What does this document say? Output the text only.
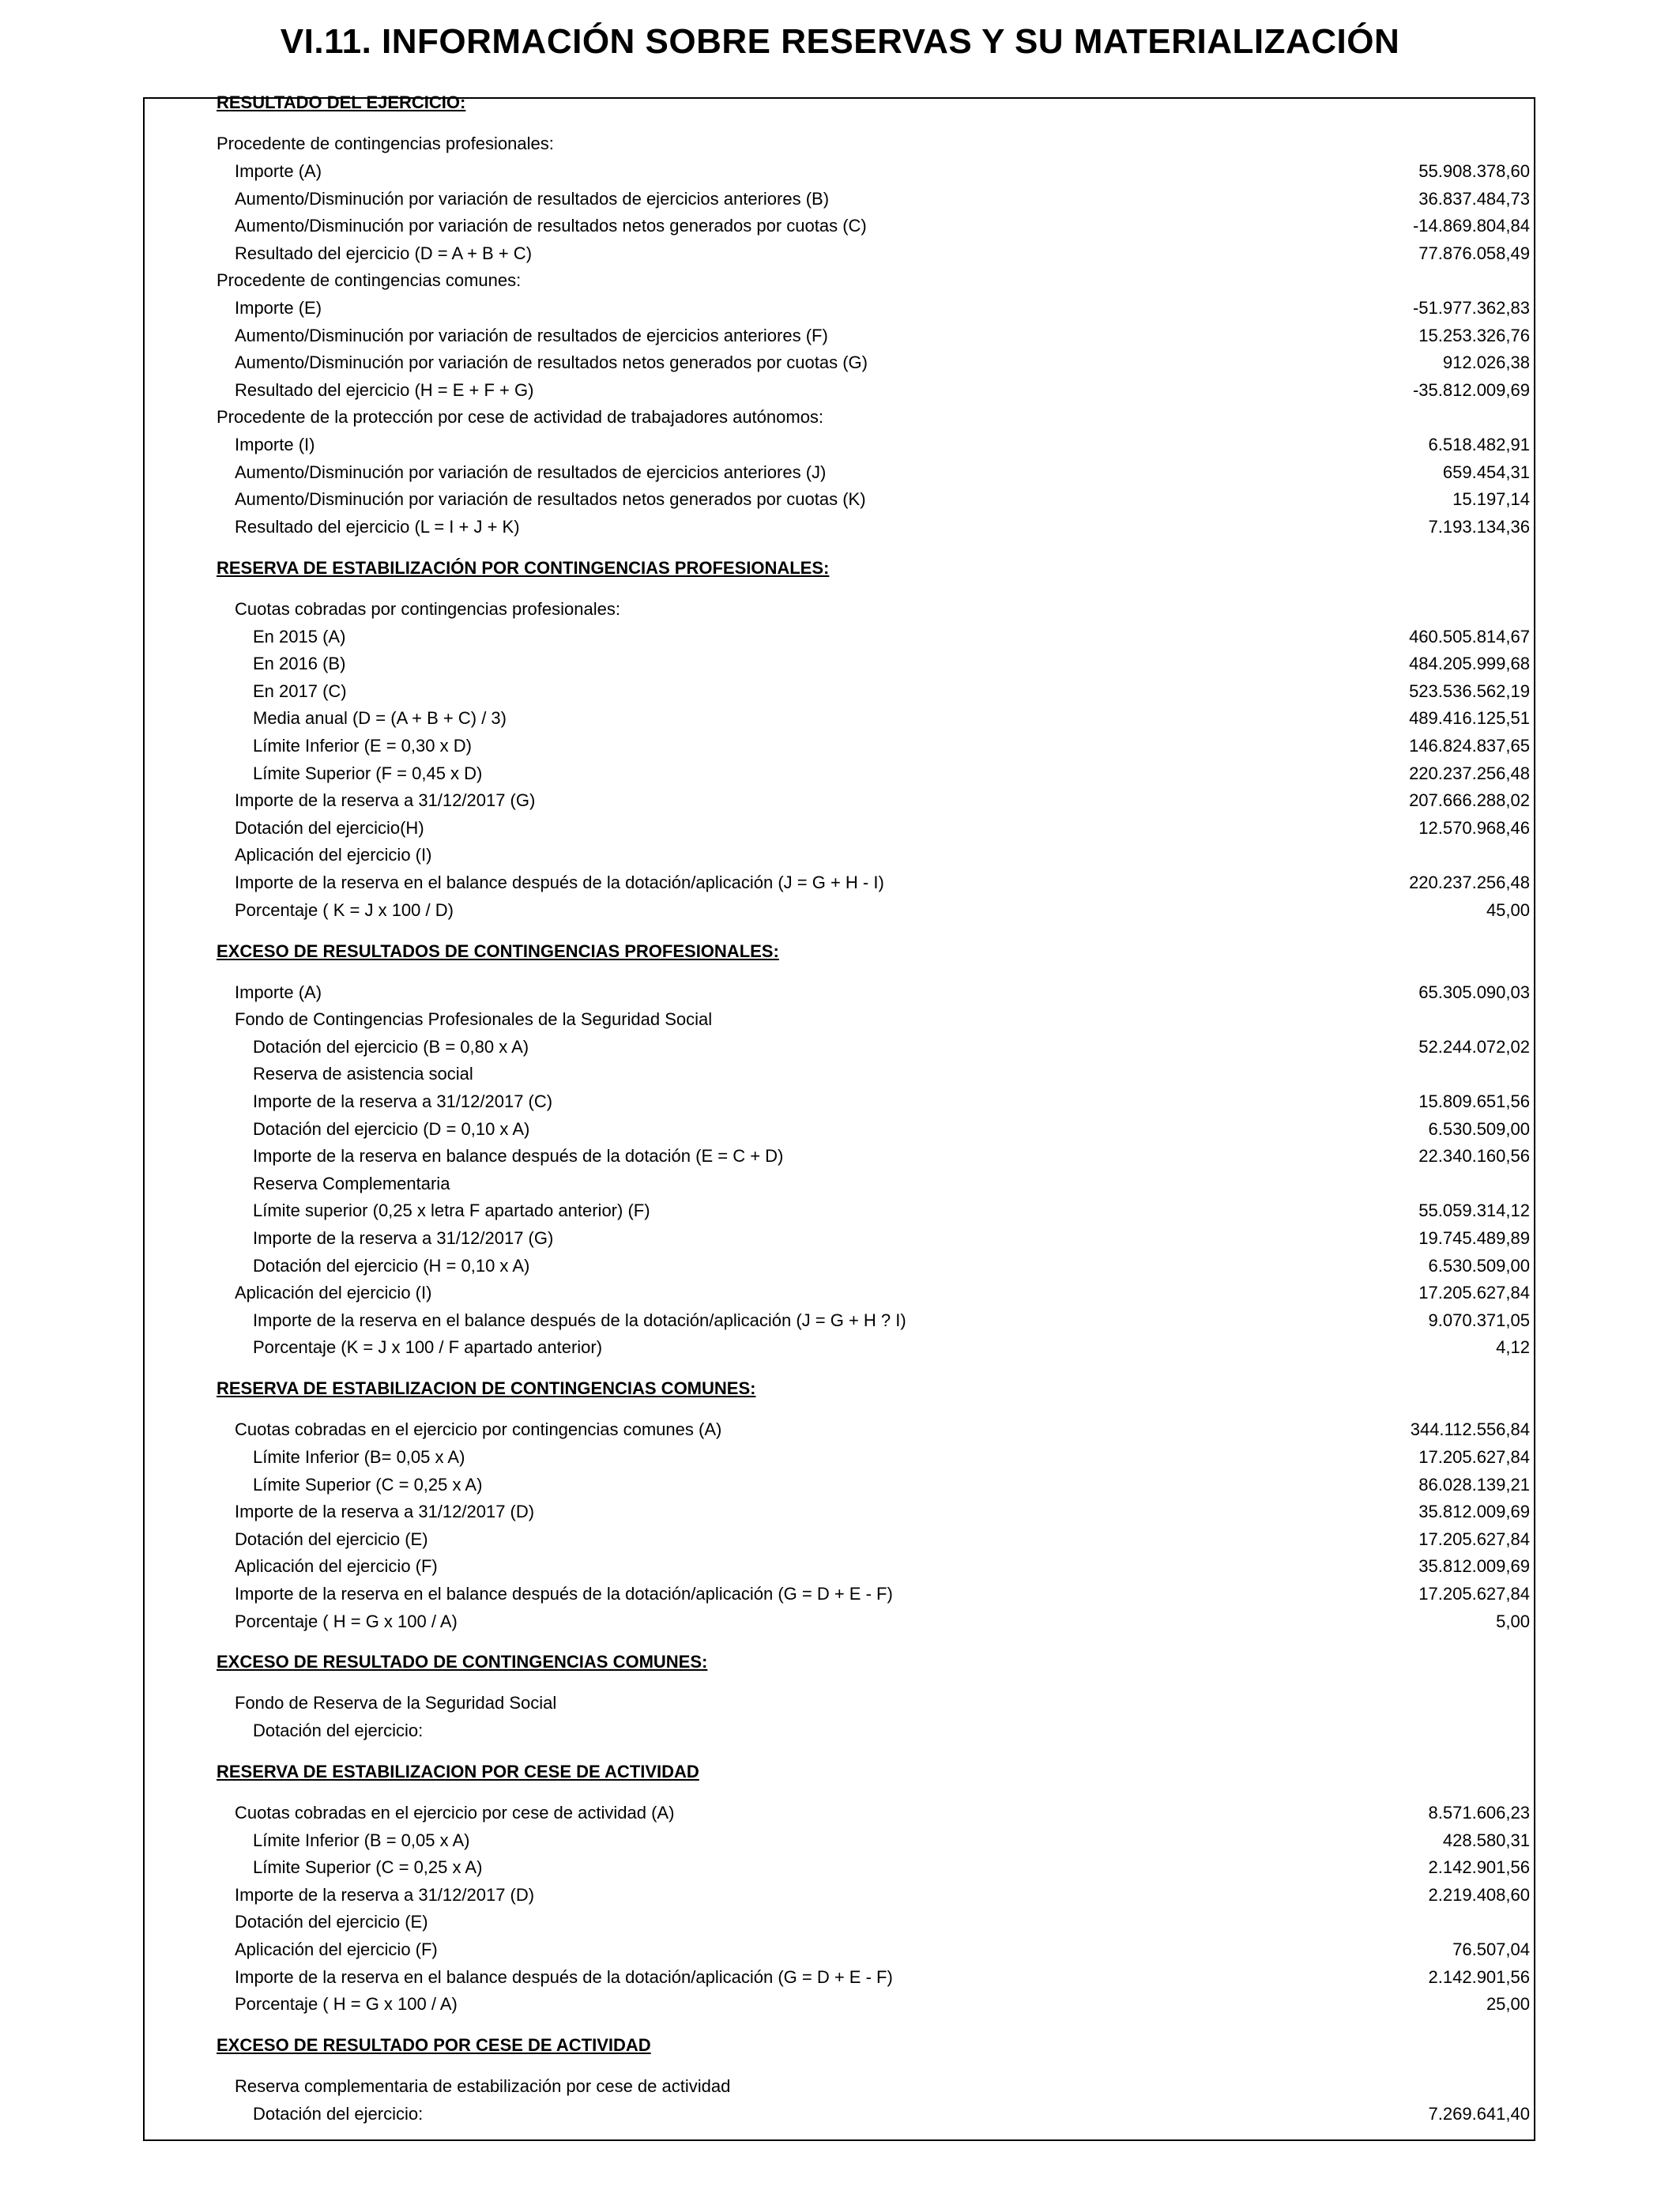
VI.11. INFORMACIÓN SOBRE RESERVAS Y SU MATERIALIZACIÓN
RESULTADO DEL EJERCICIO:
Procedente de contingencias profesionales:
Importe (A)	55.908.378,60
Aumento/Disminución por variación de resultados de ejercicios anteriores (B)	36.837.484,73
Aumento/Disminución por variación de resultados netos generados por cuotas (C)	-14.869.804,84
Resultado del ejercicio (D = A + B + C)	77.876.058,49
Procedente de contingencias comunes:
Importe (E)	-51.977.362,83
Aumento/Disminución por variación de resultados de ejercicios anteriores (F)	15.253.326,76
Aumento/Disminución por variación de resultados netos generados por cuotas (G)	912.026,38
Resultado del ejercicio (H = E + F + G)	-35.812.009,69
Procedente de la protección por cese de actividad de trabajadores autónomos:
Importe (I)	6.518.482,91
Aumento/Disminución por variación de resultados de ejercicios anteriores (J)	659.454,31
Aumento/Disminución por variación de resultados netos generados por cuotas (K)	15.197,14
Resultado del ejercicio (L = I + J + K)	7.193.134,36
RESERVA DE ESTABILIZACIÓN POR CONTINGENCIAS PROFESIONALES:
Cuotas cobradas por contingencias profesionales:
En 2015 (A)	460.505.814,67
En 2016 (B)	484.205.999,68
En 2017 (C)	523.536.562,19
Media anual (D = (A + B + C) / 3)	489.416.125,51
Límite Inferior (E = 0,30 x D)	146.824.837,65
Límite Superior (F = 0,45 x D)	220.237.256,48
Importe de la reserva a 31/12/2017 (G)	207.666.288,02
Dotación del ejercicio(H)	12.570.968,46
Aplicación del ejercicio (I)
Importe de la reserva en el balance después de la dotación/aplicación (J = G + H - I)	220.237.256,48
Porcentaje ( K = J x 100 / D)	45,00
EXCESO DE RESULTADOS DE CONTINGENCIAS PROFESIONALES:
Importe (A)	65.305.090,03
Fondo de Contingencias Profesionales de la Seguridad Social
Dotación del ejercicio (B = 0,80 x A)	52.244.072,02
Reserva de asistencia social
Importe de la reserva a 31/12/2017 (C)	15.809.651,56
Dotación del ejercicio (D = 0,10 x A)	6.530.509,00
Importe de la reserva en balance después de la dotación (E = C + D)	22.340.160,56
Reserva Complementaria
Límite superior (0,25 x letra F apartado anterior) (F)	55.059.314,12
Importe de la reserva a 31/12/2017 (G)	19.745.489,89
Dotación del ejercicio (H = 0,10 x A)	6.530.509,00
Aplicación del ejercicio (I)	17.205.627,84
Importe de la reserva en el balance después de la dotación/aplicación (J = G + H ? I)	9.070.371,05
Porcentaje (K = J x 100 / F apartado anterior)	4,12
RESERVA DE ESTABILIZACION DE CONTINGENCIAS COMUNES:
Cuotas cobradas en el ejercicio por contingencias comunes (A)	344.112.556,84
Límite Inferior (B= 0,05 x A)	17.205.627,84
Límite Superior (C = 0,25 x A)	86.028.139,21
Importe de la reserva a 31/12/2017 (D)	35.812.009,69
Dotación del ejercicio (E)	17.205.627,84
Aplicación del ejercicio (F)	35.812.009,69
Importe de la reserva en el balance después de la dotación/aplicación (G = D + E - F)	17.205.627,84
Porcentaje ( H = G x 100 / A)	5,00
EXCESO DE RESULTADO DE CONTINGENCIAS COMUNES:
Fondo de Reserva de la Seguridad Social
Dotación del ejercicio:
RESERVA DE ESTABILIZACION POR CESE DE ACTIVIDAD
Cuotas cobradas en el ejercicio por cese de actividad (A)	8.571.606,23
Límite Inferior (B = 0,05 x A)	428.580,31
Límite Superior (C = 0,25 x A)	2.142.901,56
Importe de la reserva a 31/12/2017 (D)	2.219.408,60
Dotación del ejercicio (E)
Aplicación del ejercicio (F)	76.507,04
Importe de la reserva en el balance después de la dotación/aplicación (G = D + E - F)	2.142.901,56
Porcentaje ( H = G x 100 / A)	25,00
EXCESO DE RESULTADO POR CESE DE ACTIVIDAD
Reserva complementaria de estabilización por cese de actividad
Dotación del ejercicio:	7.269.641,40
